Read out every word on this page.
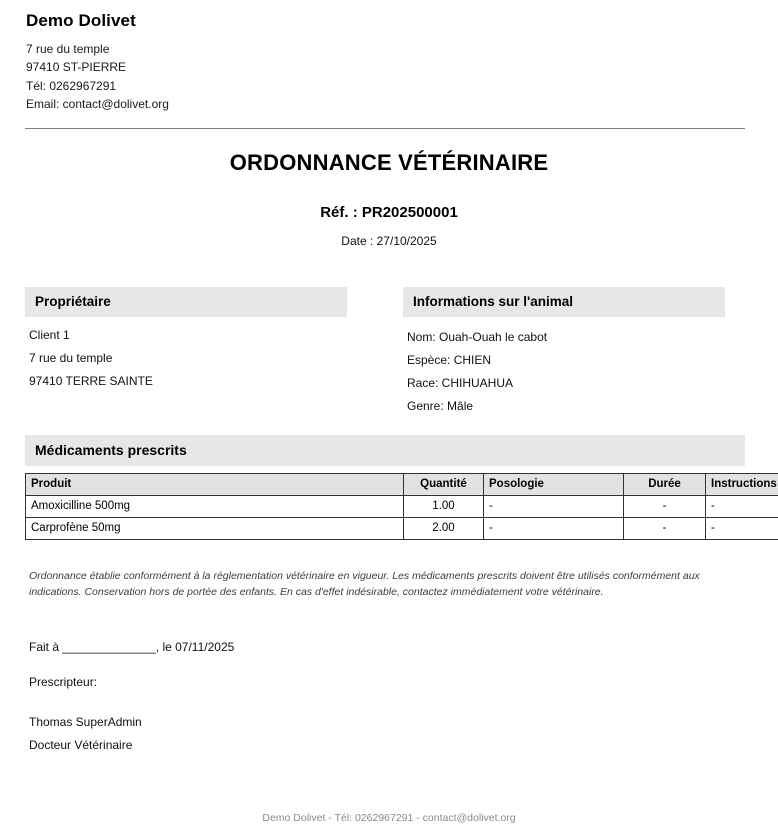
Demo Dolivet
7 rue du temple
97410 ST-PIERRE
Tél: 0262967291
Email: contact@dolivet.org
ORDONNANCE VÉTÉRINAIRE
Réf. : PR202500001
Date : 27/10/2025
Propriétaire
Client 1
7 rue du temple
97410 TERRE SAINTE
Informations sur l'animal
Nom: Ouah-Ouah le cabot
Espèce: CHIEN
Race: CHIHUAHUA
Genre: Mâle
Médicaments prescrits
Produit	Quantité	Posologie	Durée	Instructions
Amoxicilline 500mg	1.00	-	-	-
Carprofène 50mg	2.00	-	-	-
Ordonnance établie conformément à la réglementation vétérinaire en vigueur. Les médicaments prescrits doivent être utilisés conformément aux indications. Conservation hors de portée des enfants. En cas d'effet indésirable, contactez immédiatement votre vétérinaire.
Fait à ______________, le 07/11/2025
Prescripteur:
Thomas SuperAdmin
Docteur Vétérinaire
Demo Dolivet - Tél: 0262967291 - contact@dolivet.org
